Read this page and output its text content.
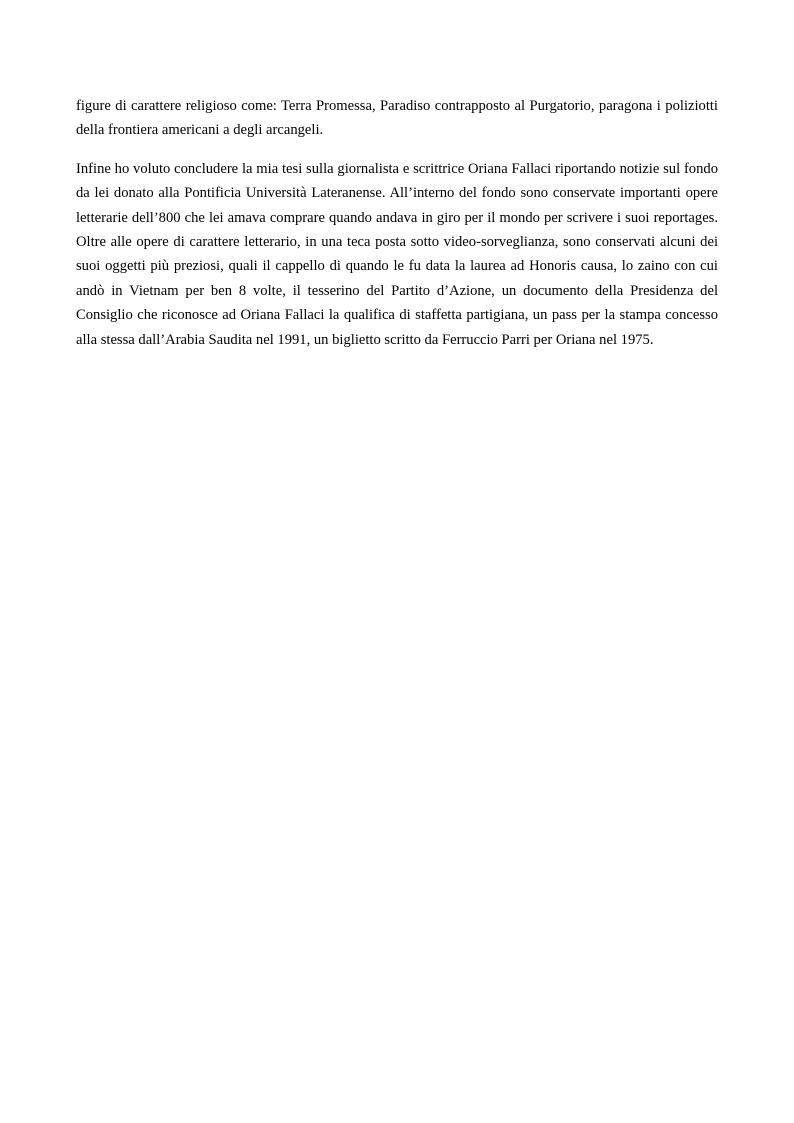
figure di carattere religioso come: Terra Promessa, Paradiso contrapposto al Purgatorio, paragona i poliziotti della frontiera americani a degli arcangeli.

Infine ho voluto concludere la mia tesi sulla giornalista e scrittrice Oriana Fallaci riportando notizie sul fondo da lei donato alla Pontificia Università Lateranense. All’interno del fondo sono conservate importanti opere letterarie dell’800 che lei amava comprare quando andava in giro per il mondo per scrivere i suoi reportages. Oltre alle opere di carattere letterario, in una teca posta sotto video-sorveglianza, sono conservati alcuni dei suoi oggetti più preziosi, quali il cappello di quando le fu data la laurea ad Honoris causa, lo zaino con cui andò in Vietnam per ben 8 volte, il tesserino del Partito d’Azione, un documento della Presidenza del Consiglio che riconosce ad Oriana Fallaci la qualifica di staffetta partigiana, un pass per la stampa concesso alla stessa dall’Arabia Saudita nel 1991, un biglietto scritto da Ferruccio Parri per Oriana nel 1975.
